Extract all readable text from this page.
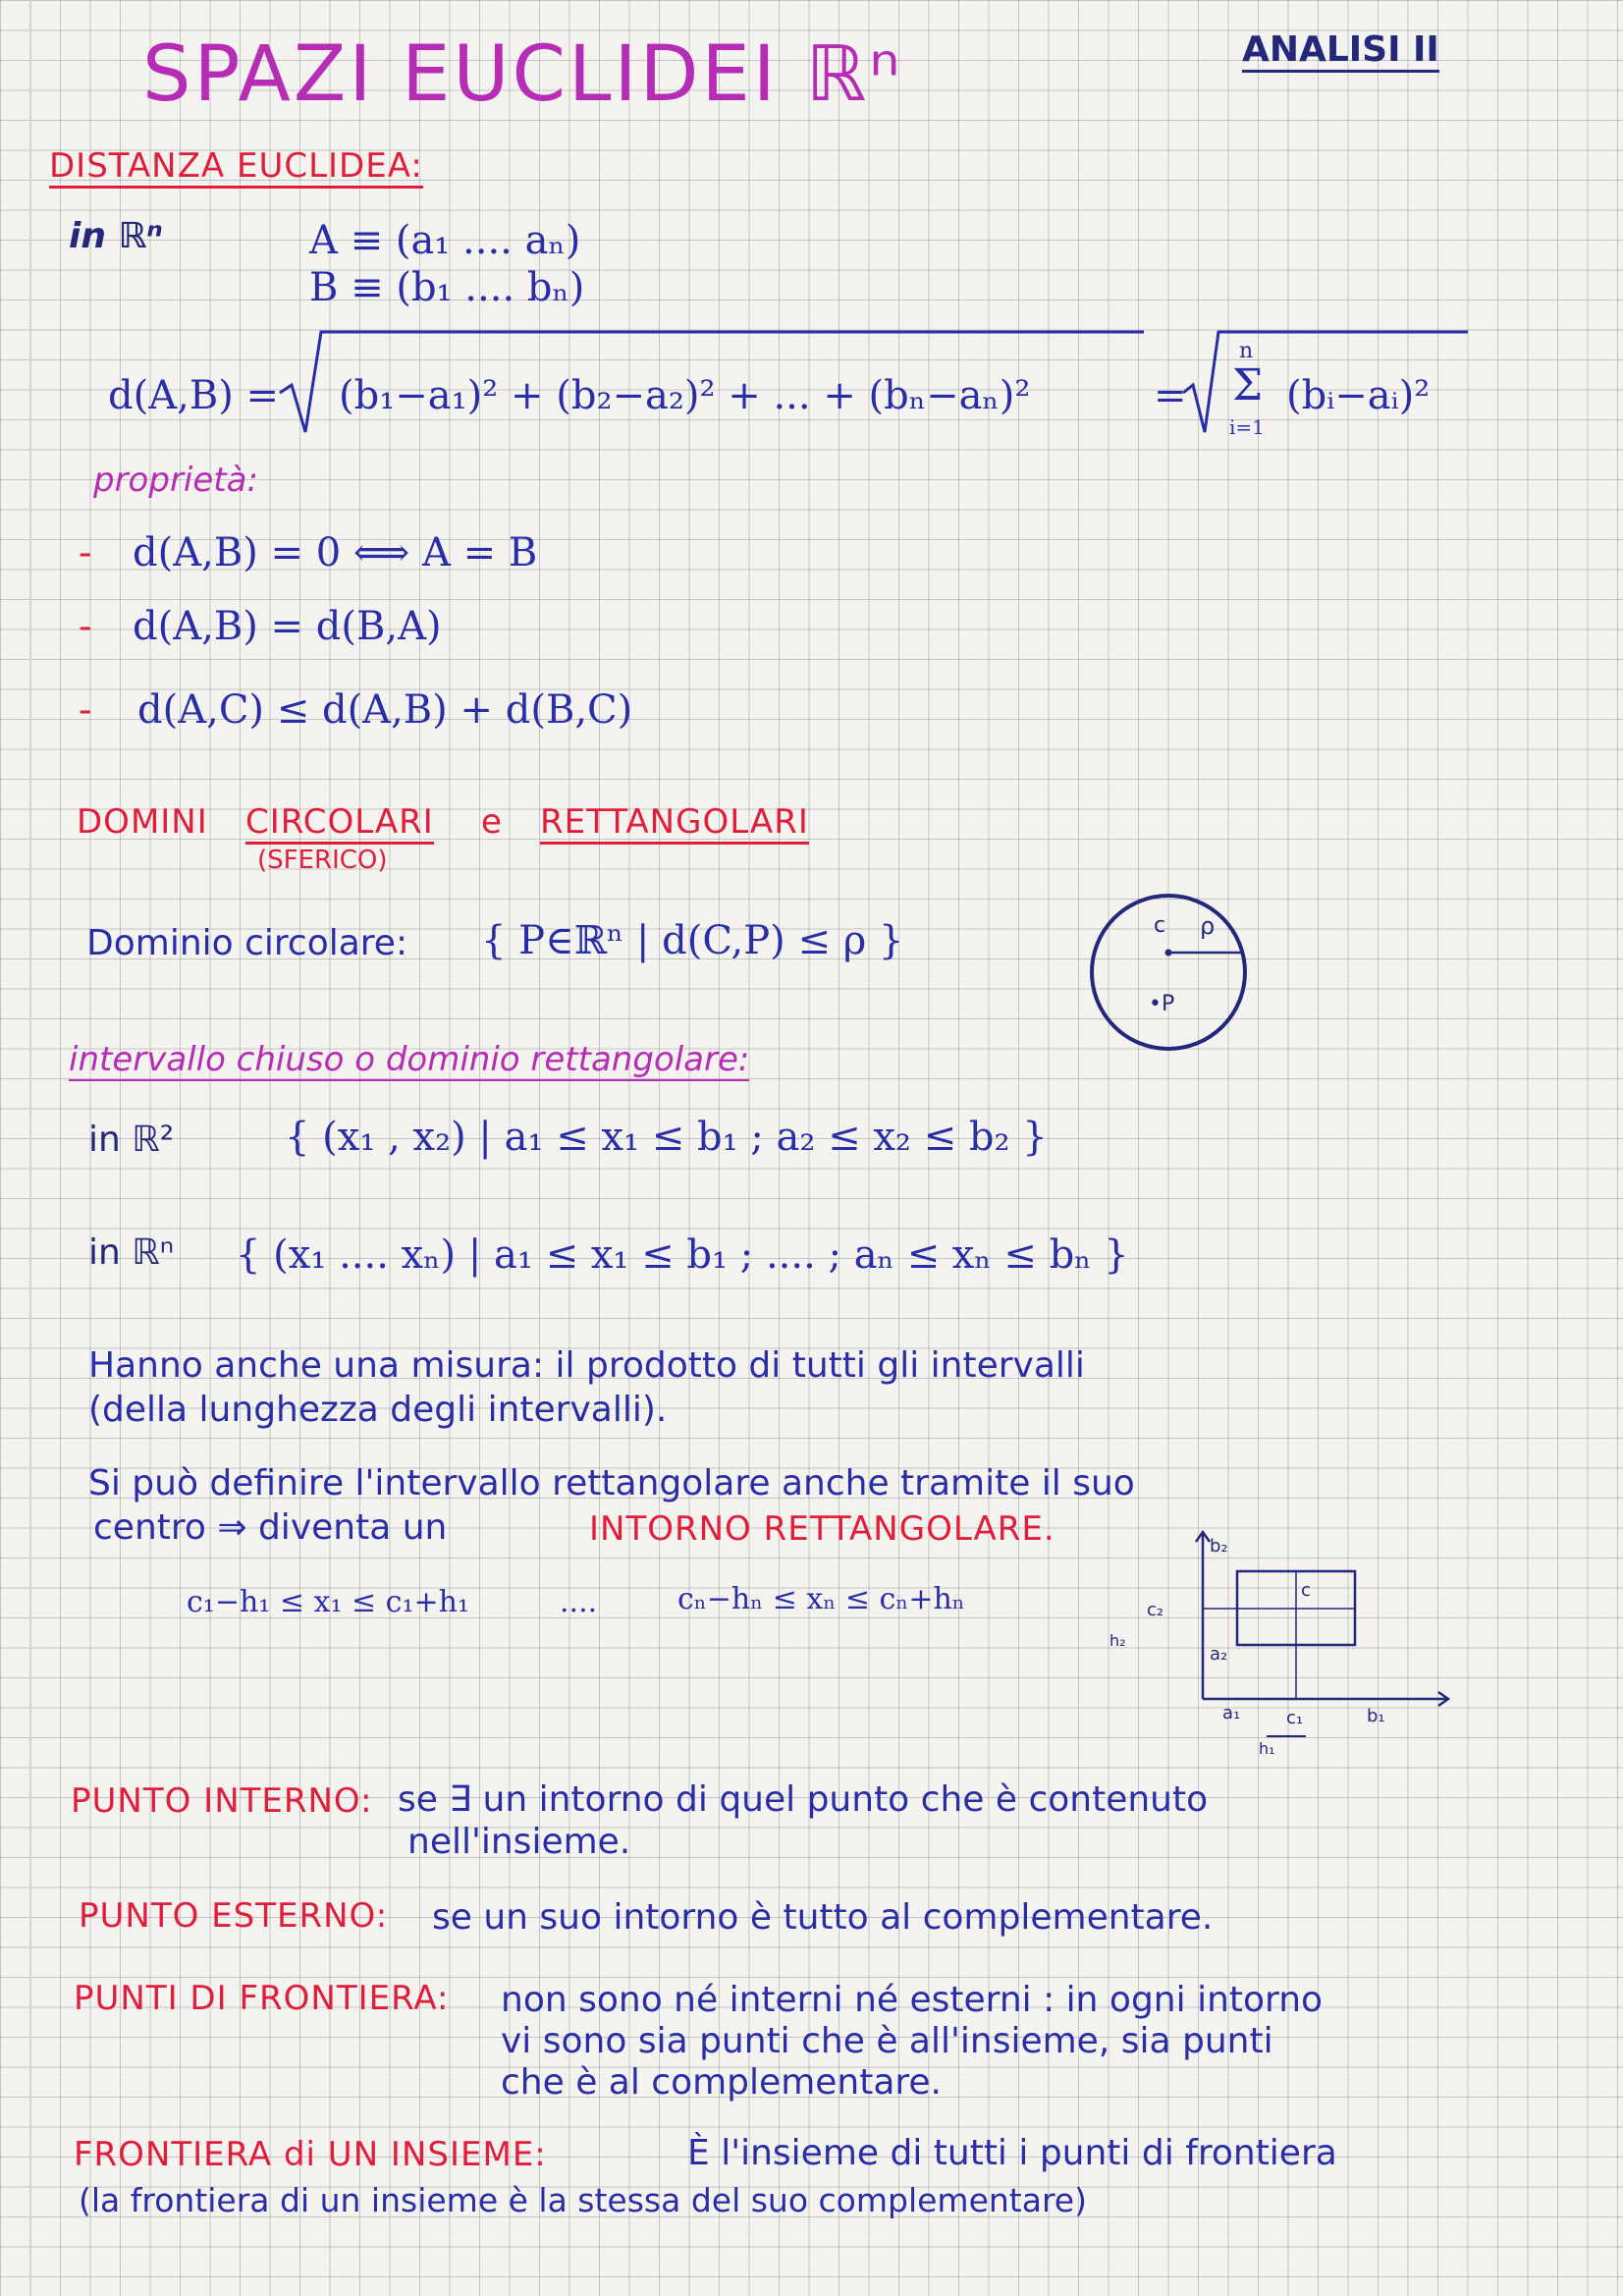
SPAZI EUCLIDEI ℝⁿ	ANALISI II
DISTANZA EUCLIDEA:
in ℝⁿ	A ≡ (a₁ .... aₙ)
B ≡ (b₁ .... bₙ)
d(A,B) = (b₁−a₁)² + (b₂−a₂)² + ... + (bₙ−aₙ)²	=
n
Σ
i=1
(bᵢ−aᵢ)²
proprietà:
- d(A,B) = 0 ⟺ A = B
- d(A,B) = d(B,A)
- d(A,C) ≤ d(A,B) + d(B,C)
DOMINI CIRCOLARI e RETTANGOLARI
(SFERICO)
Dominio circolare: { P∈ℝⁿ | d(C,P) ≤ ρ }	c ρ
•P
intervallo chiuso o dominio rettangolare:
in ℝ²	{ (x₁ , x₂) | a₁ ≤ x₁ ≤ b₁ ; a₂ ≤ x₂ ≤ b₂ }
in ℝⁿ { (x₁ .... xₙ) | a₁ ≤ x₁ ≤ b₁ ; .... ; aₙ ≤ xₙ ≤ bₙ }
Hanno anche una misura: il prodotto di tutti gli intervalli
(della lunghezza degli intervalli).
Si può definire l'intervallo rettangolare anche tramite il suo
centro ⇒ diventa un	INTORNO RETTANGOLARE.
c₁−h₁ ≤ x₁ ≤ c₁+h₁	....	cₙ−hₙ ≤ xₙ ≤ cₙ+hₙ
b₂
c₂
h₂
a₂
c
a₁	c₁	b₁
h₁
PUNTO INTERNO: se ∃ un intorno di quel punto che è contenuto
nell'insieme.
PUNTO ESTERNO: se un suo intorno è tutto al complementare.
PUNTI DI FRONTIERA: non sono né interni né esterni : in ogni intorno
vi sono sia punti che è all'insieme, sia punti
che è al complementare.
FRONTIERA di UN INSIEME:	È l'insieme di tutti i punti di frontiera
(la frontiera di un insieme è la stessa del suo complementare)
